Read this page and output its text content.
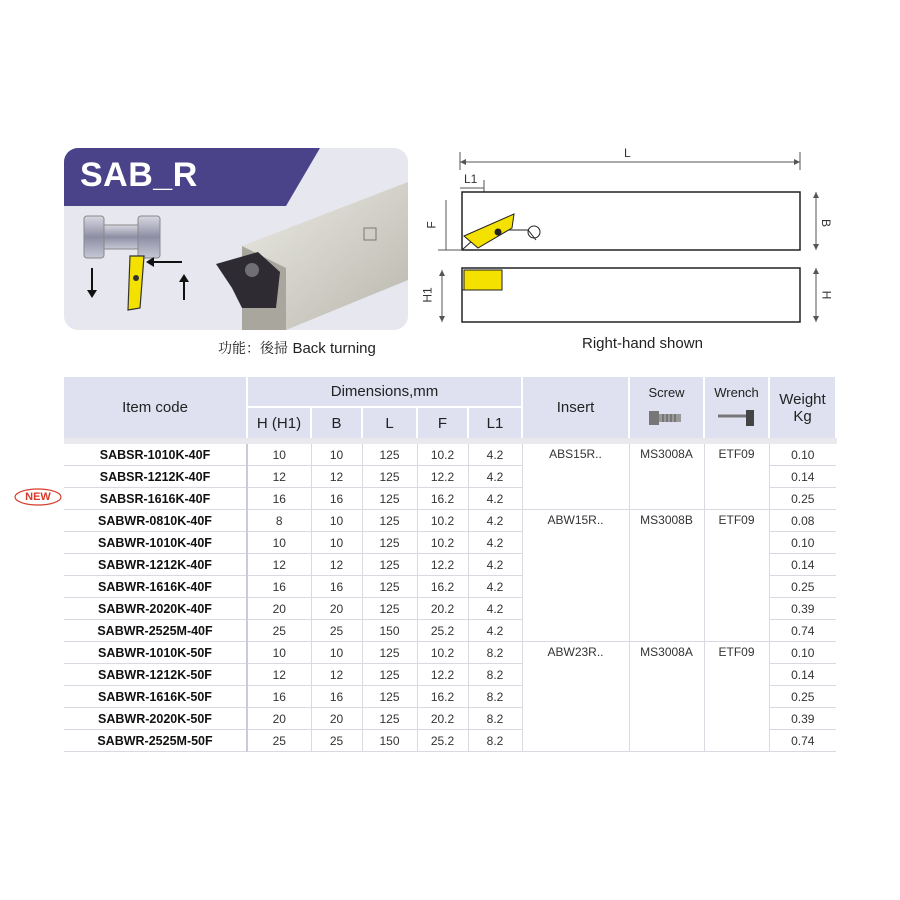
SAB_R
功能：後掃 Back turning
L
L1
F	B
H1	H
Right-hand shown
NEW
Item code	Dimensions,mm					Insert	Screw	Wrench	Weight
Kg
	H (H1)	B	L	F	L1				
SABSR-1010K-40F	10	10	125	10.2	4.2	ABS15R..	MS3008A	ETF09	0.10
SABSR-1212K-40F	12	12	125	12.2	4.2				0.14
SABSR-1616K-40F	16	16	125	16.2	4.2				0.25
SABWR-0810K-40F	8	10	125	10.2	4.2	ABW15R..	MS3008B	ETF09	0.08
SABWR-1010K-40F	10	10	125	10.2	4.2				0.10
SABWR-1212K-40F	12	12	125	12.2	4.2				0.14
SABWR-1616K-40F	16	16	125	16.2	4.2				0.25
SABWR-2020K-40F	20	20	125	20.2	4.2				0.39
SABWR-2525M-40F	25	25	150	25.2	4.2				0.74
SABWR-1010K-50F	10	10	125	10.2	8.2	ABW23R..	MS3008A	ETF09	0.10
SABWR-1212K-50F	12	12	125	12.2	8.2				0.14
SABWR-1616K-50F	16	16	125	16.2	8.2				0.25
SABWR-2020K-50F	20	20	125	20.2	8.2				0.39
SABWR-2525M-50F	25	25	150	25.2	8.2				0.74
